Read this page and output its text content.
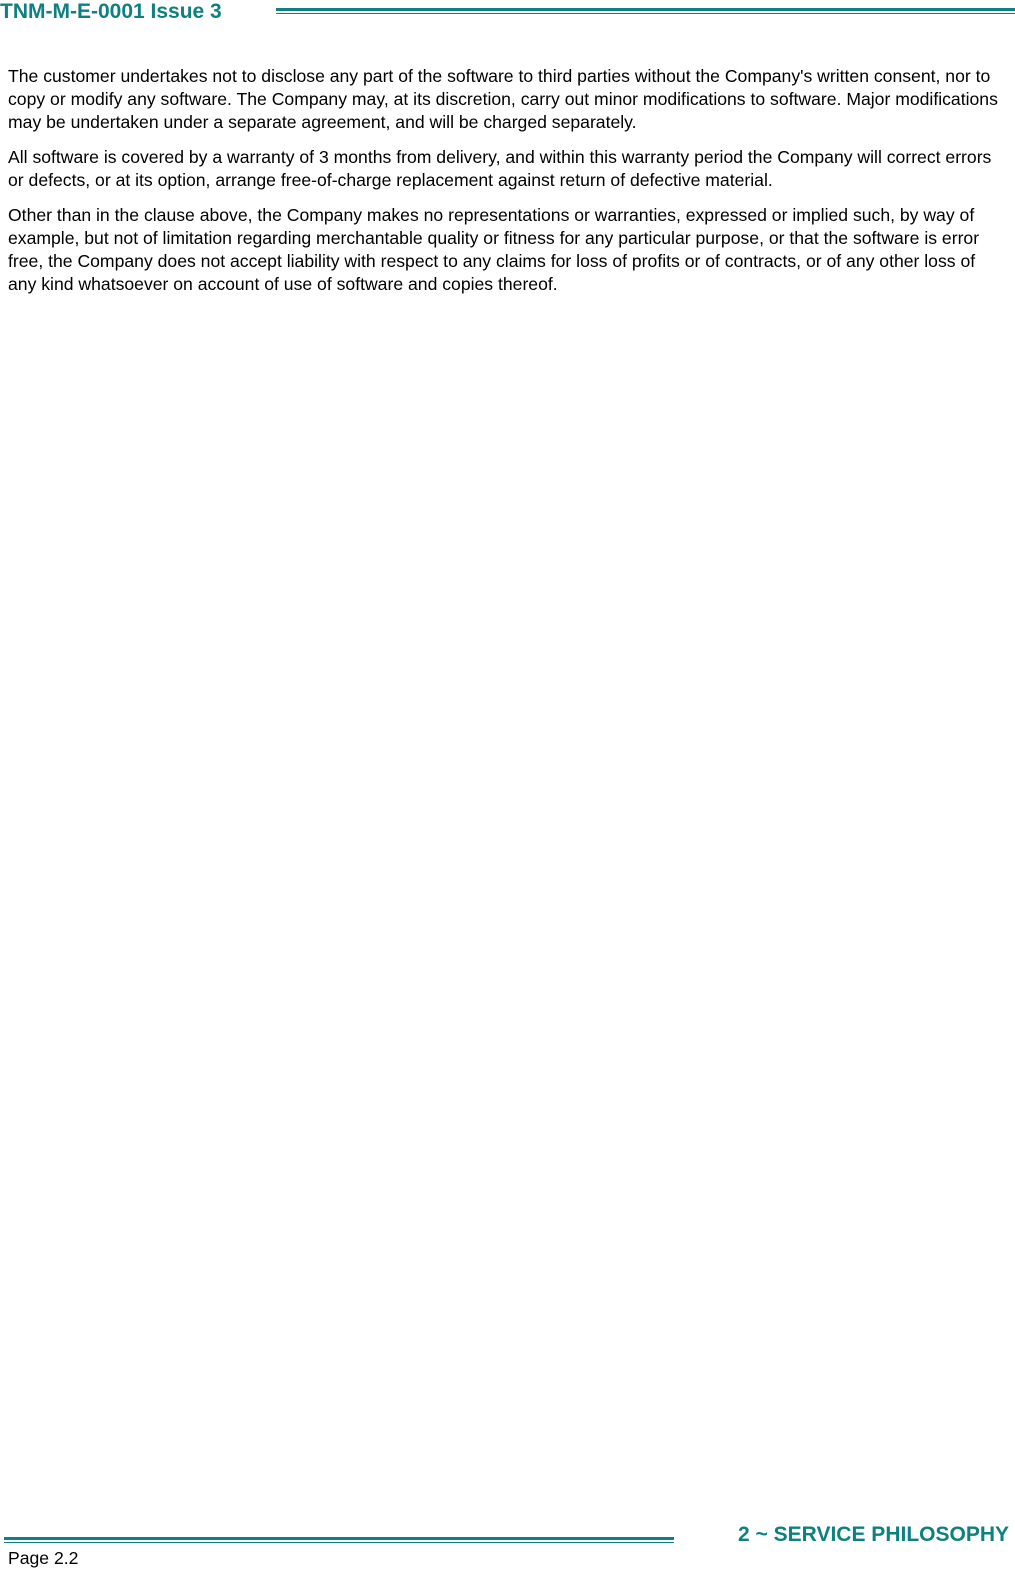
TNM-M-E-0001 Issue 3

The customer undertakes not to disclose any part of the software to third parties without the Company's written consent, nor to copy or modify any software. The Company may, at its discretion, carry out minor modifications to software. Major modifications may be undertaken under a separate agreement, and will be charged separately.

All software is covered by a warranty of 3 months from delivery, and within this warranty period the Company will correct errors or defects, or at its option, arrange free-of-charge replacement against return of defective material.

Other than in the clause above, the Company makes no representations or warranties, expressed or implied such, by way of example, but not of limitation regarding merchantable quality or fitness for any particular purpose, or that the software is error free, the Company does not accept liability with respect to any claims for loss of profits or of contracts, or of any other loss of any kind whatsoever on account of use of software and copies thereof.

2 ~ SERVICE PHILOSOPHY
Page 2.2
